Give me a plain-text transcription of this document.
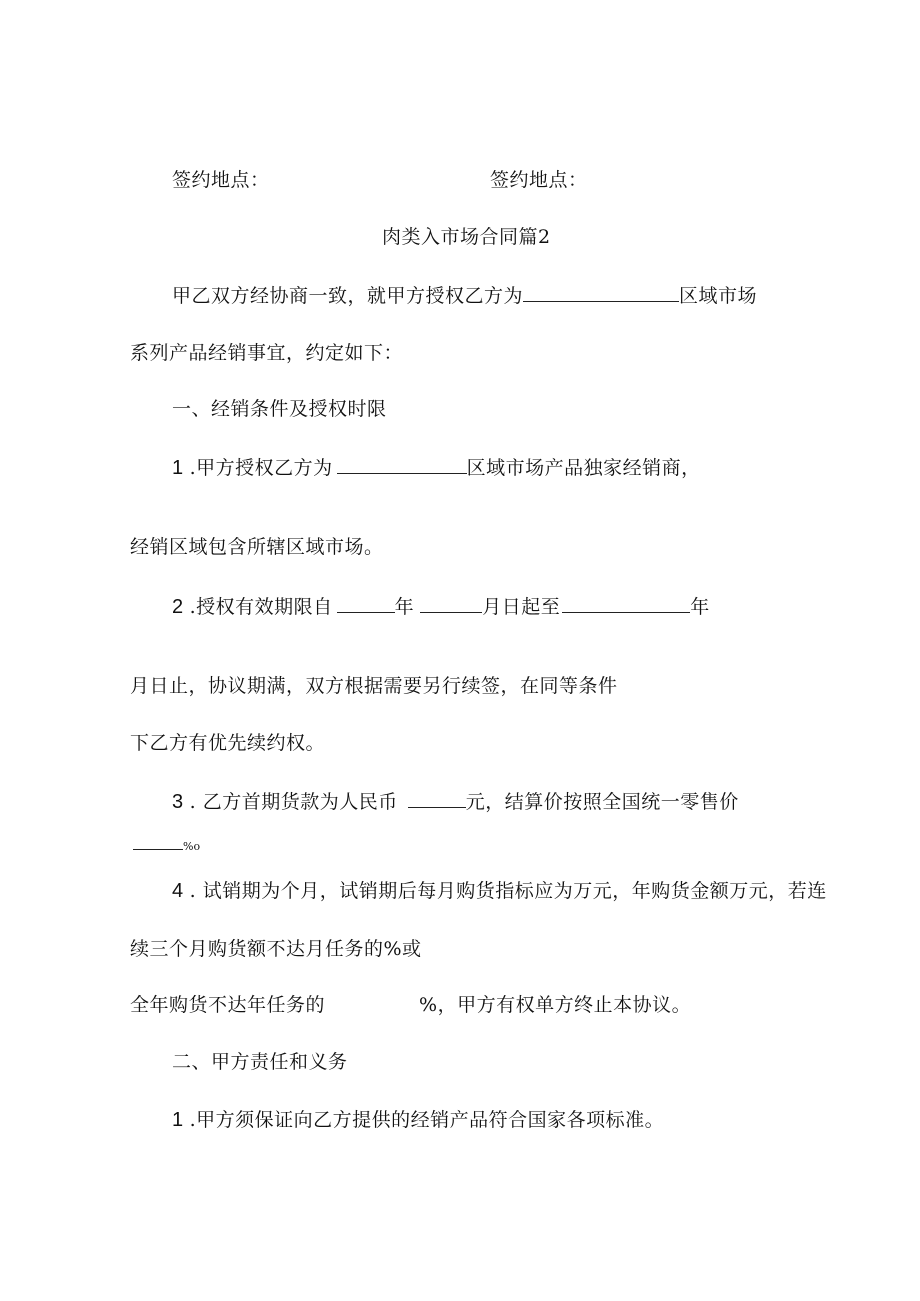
签约地点：	签约地点：
肉类入市场合同篇2
甲乙双方经协商一致，就甲方授权乙方为	区域市场
系列产品经销事宜，约定如下：
一、经销条件及授权时限
1 .甲方授权乙方为	区域市场产品独家经销商，
经销区域包含所辖区域市场。
2 .授权有效期限自	年	月日起至	年
月日止，协议期满，双方根据需要另行续签，在同等条件
下乙方有优先续约权。
3 . 乙方首期货款为人民币	元，结算价按照全国统一零售价
%o
4 . 试销期为个月，试销期后每月购货指标应为万元，年购货金额万元，若连
续三个月购货额不达月任务的%或
全年购货不达年任务的	%，甲方有权单方终止本协议。
二、甲方责任和义务
1 .甲方须保证向乙方提供的经销产品符合国家各项标准。
